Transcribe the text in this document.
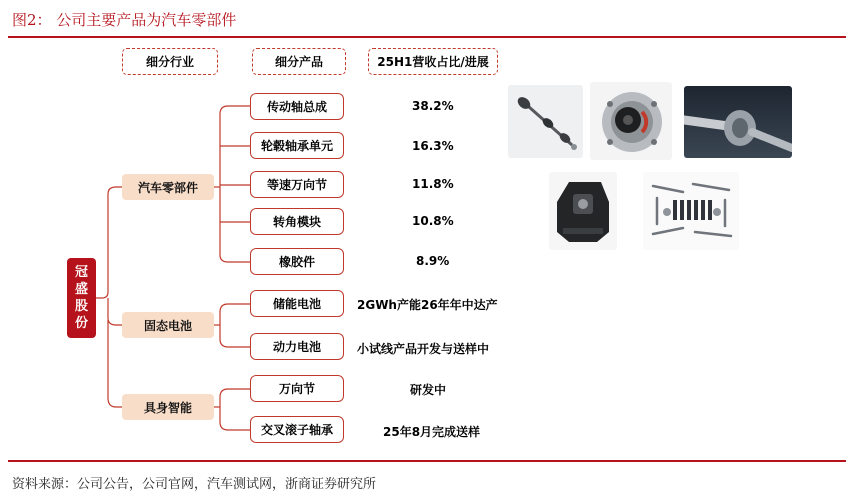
图2： 公司主要产品为汽车零部件
细分行业	细分产品	25H1营收占比/进展
冠
盛
股
份
汽车零部件
固态电池
具身智能
传动轴总成
轮毂轴承单元
等速万向节
转角模块
橡胶件
储能电池
动力电池
万向节
交叉滚子轴承
38.2%
16.3%
11.8%
10.8%
8.9%
2GWh产能26年年中达产
小试线产品开发与送样中
研发中
25年8月完成送样
资料来源：公司公告，公司官网，汽车测试网，浙商证券研究所
